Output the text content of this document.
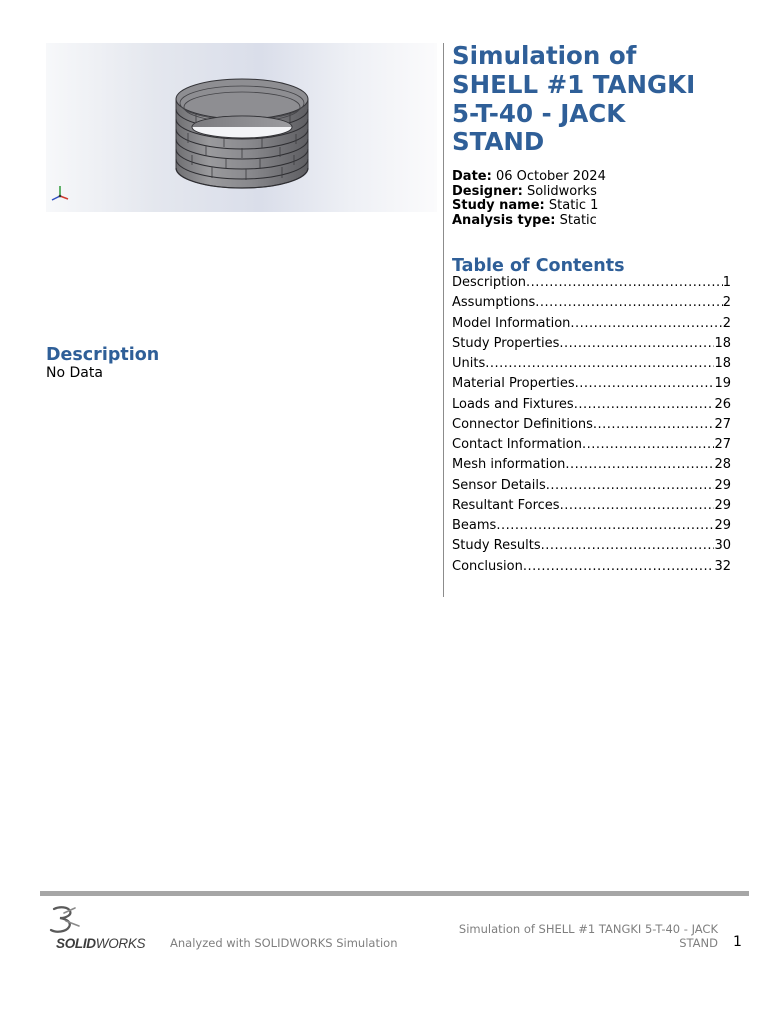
Simulation of
SHELL #1 TANGKI
5-T-40 - JACK
STAND
Date: 06 October 2024
Designer: Solidworks
Study name: Static 1
Analysis type: Static
Table of Contents
Description .....	1
Assumptions .....	2
Model Information .....	2
Study Properties .....	18
Units .....	18
Material Properties .....	19
Loads and Fixtures .....	26
Connector Definitions .....	27
Contact Information .....	27
Mesh information .....	28
Sensor Details .....	29
Resultant Forces .....	29
Beams .....	29
Study Results .....	30
Conclusion .....	32
Description
No Data
SOLIDWORKS Analyzed with SOLIDWORKS Simulation
Simulation of SHELL #1 TANGKI 5-T-40 - JACK
STAND 1
